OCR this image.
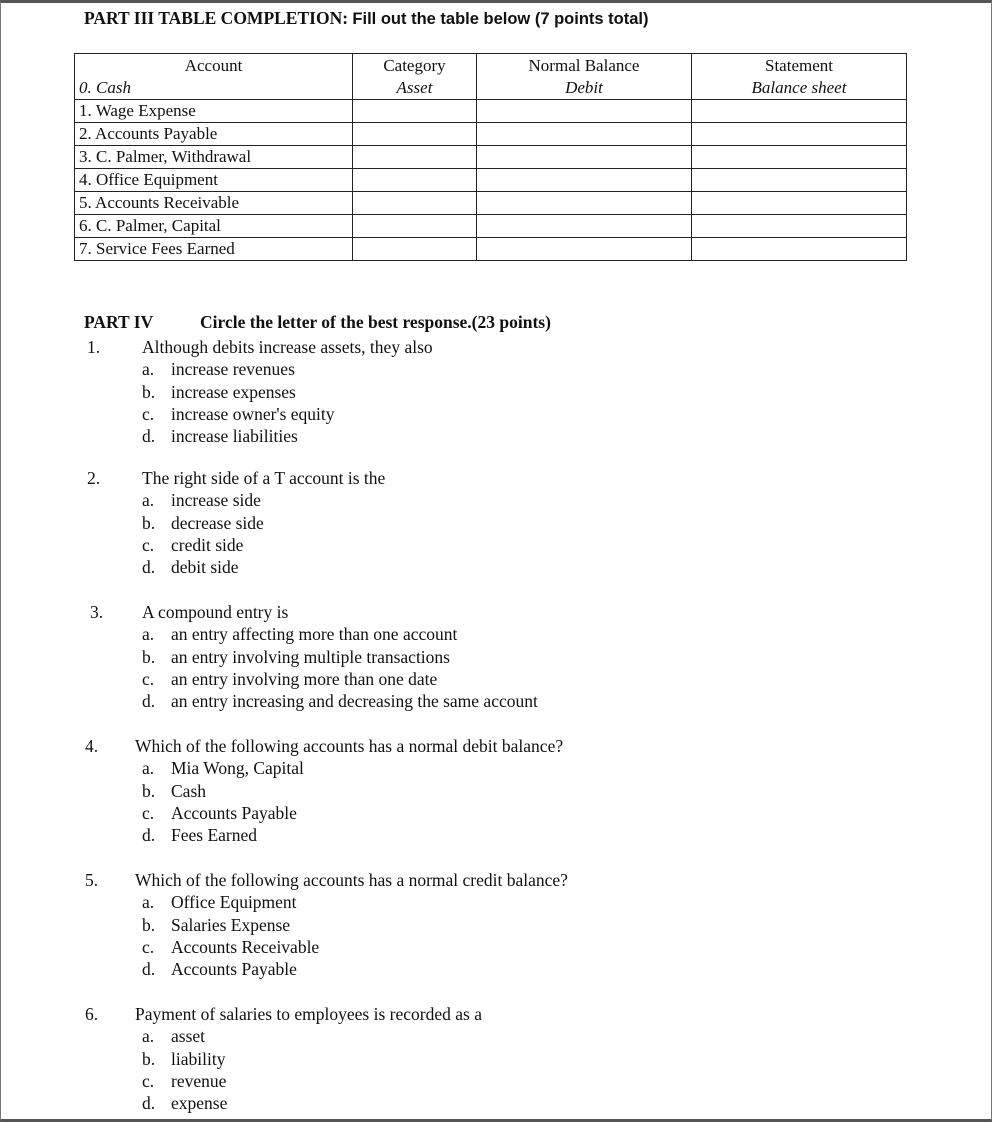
PART III TABLE COMPLETION: Fill out the table below (7 points total)
Account	Category	Normal Balance	Statement
0. Cash	Asset	Debit	Balance sheet
1. Wage Expense			
2. Accounts Payable			
3. C. Palmer, Withdrawal			
4. Office Equipment			
5. Accounts Receivable			
6. C. Palmer, Capital			
7. Service Fees Earned			
PART IV	Circle the letter of the best response.(23 points)
1. Although debits increase assets, they also
a. increase revenues
b. increase expenses
c. increase owner's equity
d. increase liabilities
2. The right side of a T account is the
a. increase side
b. decrease side
c. credit side
d. debit side
3. A compound entry is
a. an entry affecting more than one account
b. an entry involving multiple transactions
c. an entry involving more than one date
d. an entry increasing and decreasing the same account
4. Which of the following accounts has a normal debit balance?
a. Mia Wong, Capital
b. Cash
c. Accounts Payable
d. Fees Earned
5. Which of the following accounts has a normal credit balance?
a. Office Equipment
b. Salaries Expense
c. Accounts Receivable
d. Accounts Payable
6. Payment of salaries to employees is recorded as a
a. asset
b. liability
c. revenue
d. expense
